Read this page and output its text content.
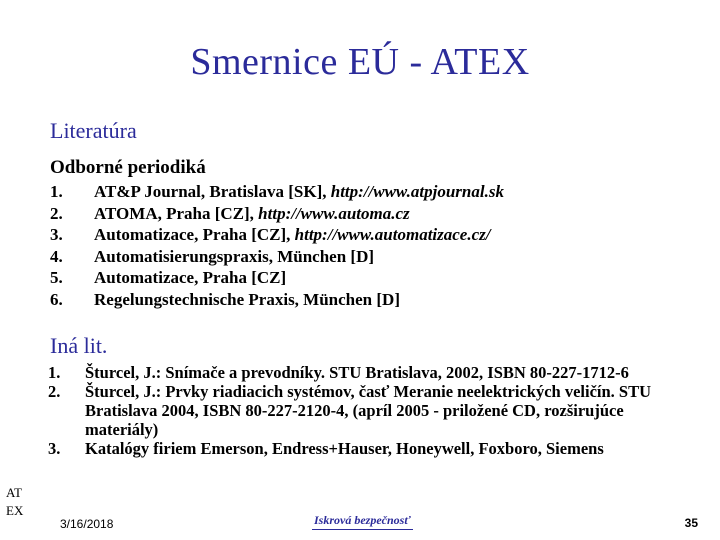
Smernice EÚ - ATEX
Literatúra
Odborné periodiká
1.	AT&P Journal, Bratislava [SK], http://www.atpjournal.sk
2.	ATOMA, Praha [CZ], http://www.automa.cz
3.	Automatizace, Praha [CZ], http://www.automatizace.cz/
4.	Automatisierungspraxis, München [D]
5.	Automatizace, Praha [CZ]
6.	Regelungstechnische Praxis, München [D]
Iná lit.
1.	Šturcel, J.: Snímače a prevodníky. STU Bratislava, 2002, ISBN 80-227-1712-6
2.	Šturcel, J.: Prvky riadiacich systémov, časť Meranie neelektrických veličín. STU Bratislava 2004, ISBN 80-227-2120-4, (apríl 2005 - priložené CD, rozširujúce materiály)
3.	Katalógy firiem Emerson, Endress+Hauser, Honeywell, Foxboro, Siemens
AT
EX
3/16/2018	Iskrová bezpečnosť	35
